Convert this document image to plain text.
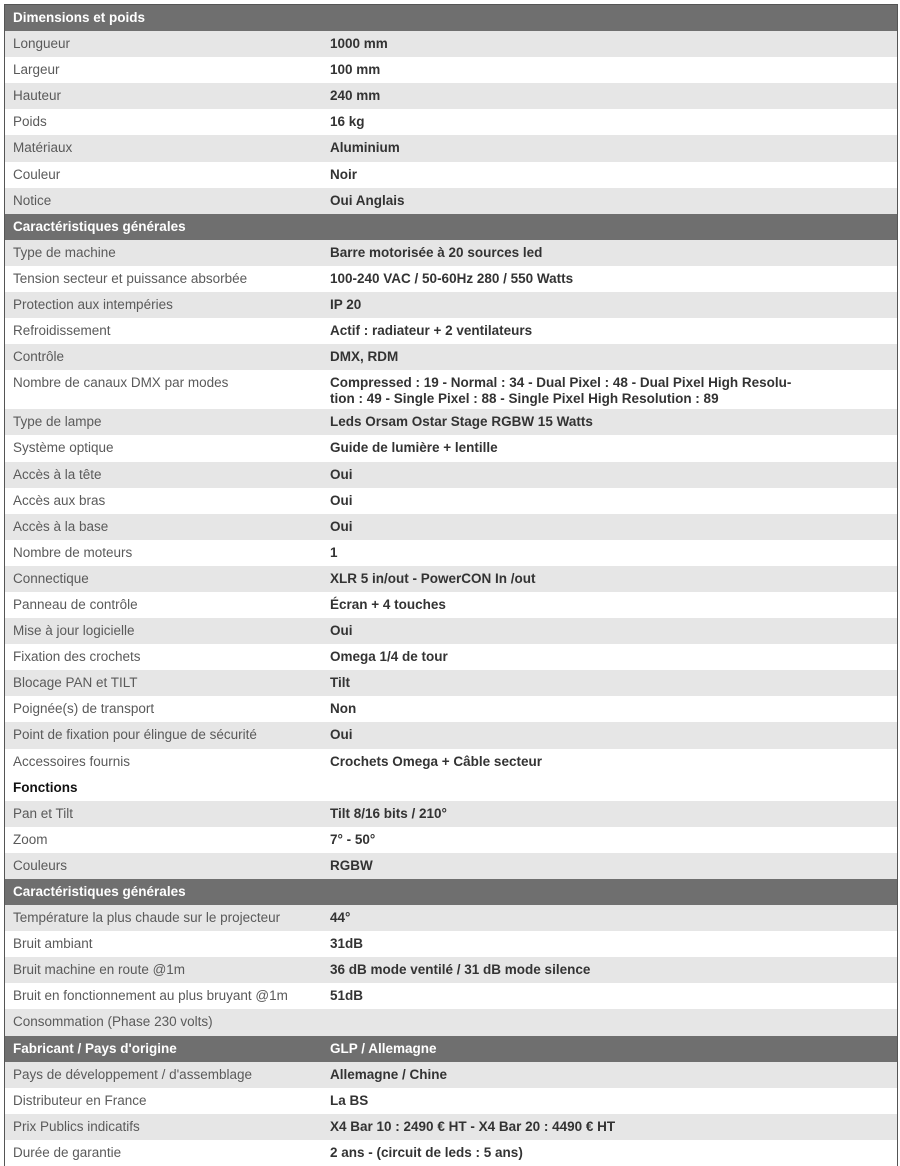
Dimensions et poids
Longueur	1000 mm
Largeur	100 mm
Hauteur	240 mm
Poids	16 kg
Matériaux	Aluminium
Couleur	Noir
Notice	Oui Anglais
Caractéristiques générales
Type de machine	Barre motorisée à 20 sources led
Tension secteur et puissance absorbée	100-240 VAC / 50-60Hz 280 / 550 Watts
Protection aux intempéries	IP 20
Refroidissement	Actif : radiateur + 2 ventilateurs
Contrôle	DMX, RDM
Nombre de canaux DMX par modes	Compressed : 19 - Normal : 34 - Dual Pixel : 48 - Dual Pixel High Resolu-
tion : 49 - Single Pixel : 88 - Single Pixel High Resolution : 89
Type de lampe	Leds Orsam Ostar Stage RGBW 15 Watts
Système optique	Guide de lumière + lentille
Accès à la tête	Oui
Accès aux bras	Oui
Accès à la base	Oui
Nombre de moteurs	1
Connectique	XLR 5 in/out - PowerCON In /out
Panneau de contrôle	Écran + 4 touches
Mise à jour logicielle	Oui
Fixation des crochets	Omega 1/4 de tour
Blocage PAN et TILT	Tilt
Poignée(s) de transport	Non
Point de fixation pour élingue de sécurité	Oui
Accessoires fournis	Crochets Omega + Câble secteur
Fonctions
Pan et Tilt	Tilt 8/16 bits / 210°
Zoom	7° - 50°
Couleurs	RGBW
Caractéristiques générales
Température la plus chaude sur le projecteur	44°
Bruit ambiant	31dB
Bruit machine en route @1m	36 dB mode ventilé / 31 dB mode silence
Bruit en fonctionnement au plus bruyant @1m	51dB
Consommation (Phase 230 volts)
Fabricant / Pays d'origine	GLP / Allemagne
Pays de développement / d'assemblage	Allemagne / Chine
Distributeur en France	La BS
Prix Publics indicatifs	X4 Bar 10 : 2490 € HT - X4 Bar 20 : 4490 € HT
Durée de garantie	2 ans - (circuit de leds : 5 ans)
